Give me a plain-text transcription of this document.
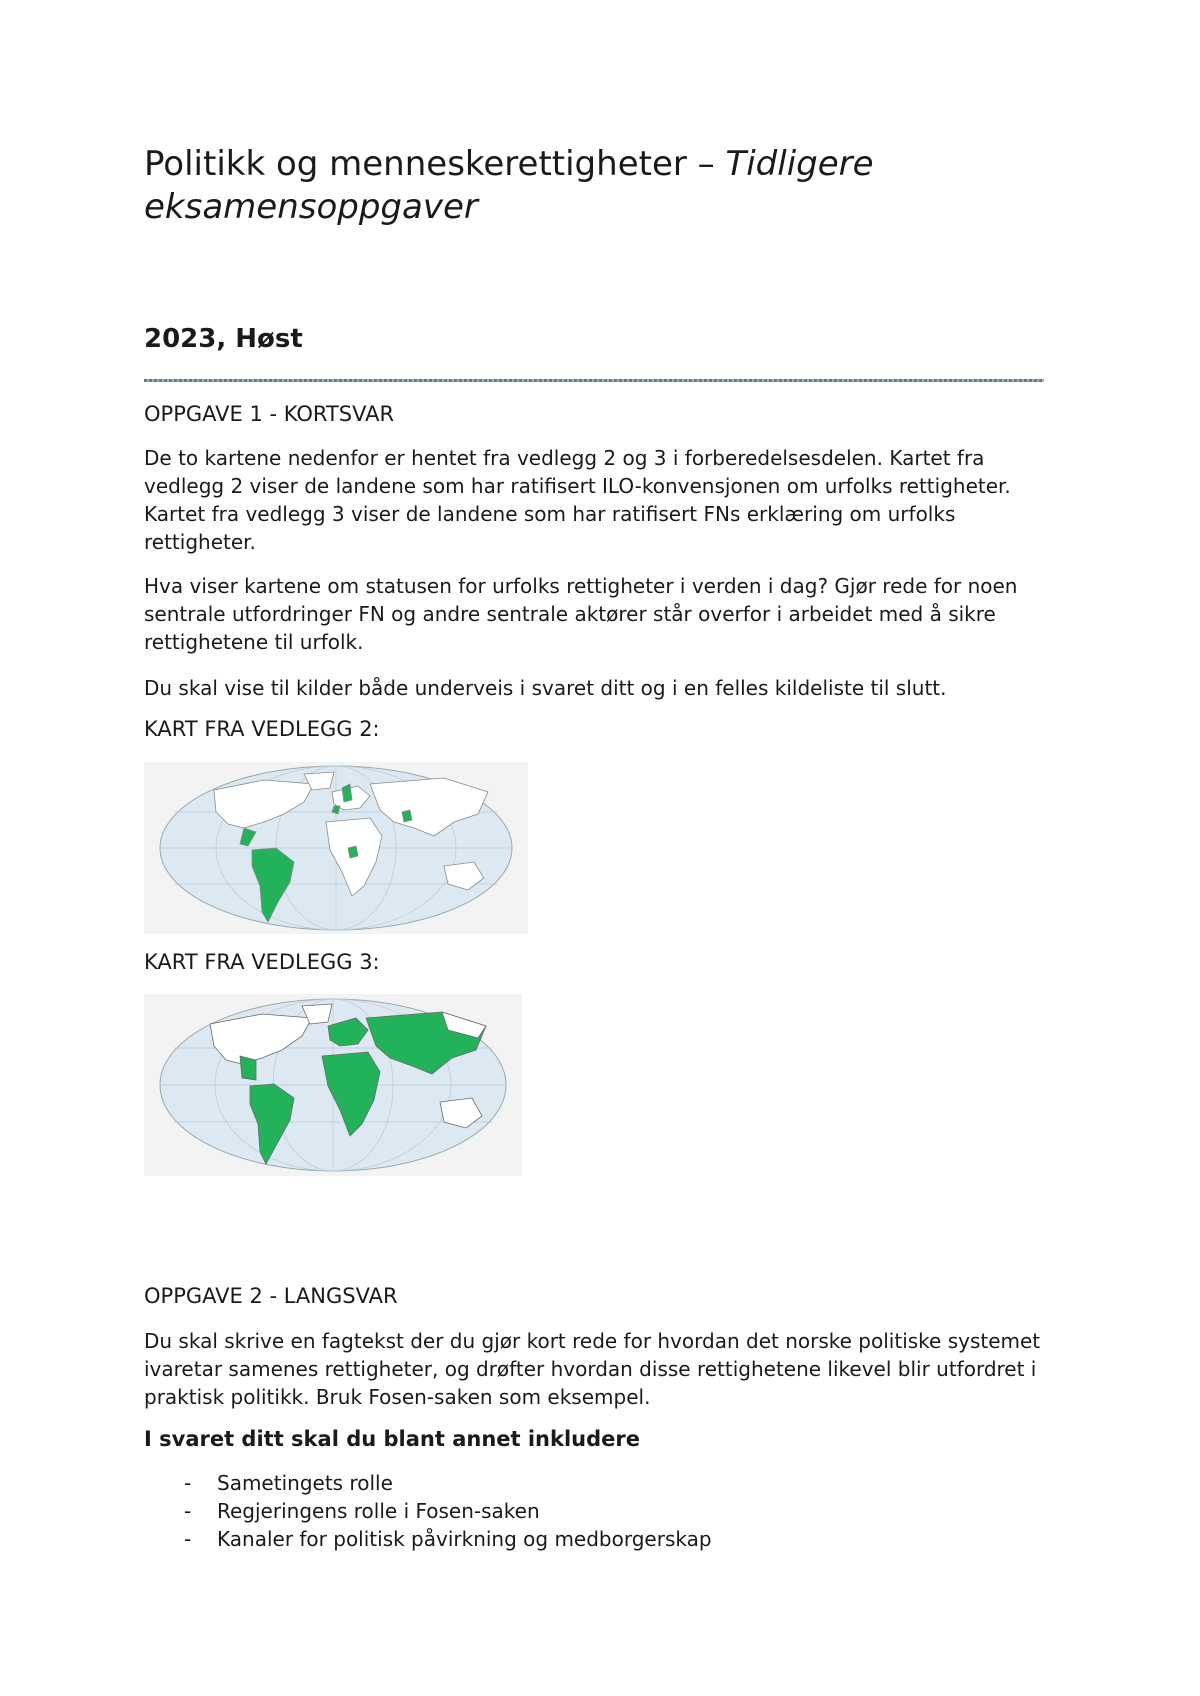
Politikk og menneskerettigheter – Tidligere eksamensoppgaver
2023, Høst
OPPGAVE 1 - KORTSVAR

De to kartene nedenfor er hentet fra vedlegg 2 og 3 i forberedelsesdelen. Kartet fra vedlegg 2 viser de landene som har ratifisert ILO-konvensjonen om urfolks rettigheter. Kartet fra vedlegg 3 viser de landene som har ratifisert FNs erklæring om urfolks rettigheter.

Hva viser kartene om statusen for urfolks rettigheter i verden i dag? Gjør rede for noen sentrale utfordringer FN og andre sentrale aktører står overfor i arbeidet med å sikre rettighetene til urfolk.

Du skal vise til kilder både underveis i svaret ditt og i en felles kildeliste til slutt.

KART FRA VEDLEGG 2:
KART FRA VEDLEGG 3:
OPPGAVE 2 - LANGSVAR

Du skal skrive en fagtekst der du gjør kort rede for hvordan det norske politiske systemet ivaretar samenes rettigheter, og drøfter hvordan disse rettighetene likevel blir utfordret i praktisk politikk. Bruk Fosen-saken som eksempel.

I svaret ditt skal du blant annet inkludere

- Sametingets rolle
- Regjeringens rolle i Fosen-saken
- Kanaler for politisk påvirkning og medborgerskap
